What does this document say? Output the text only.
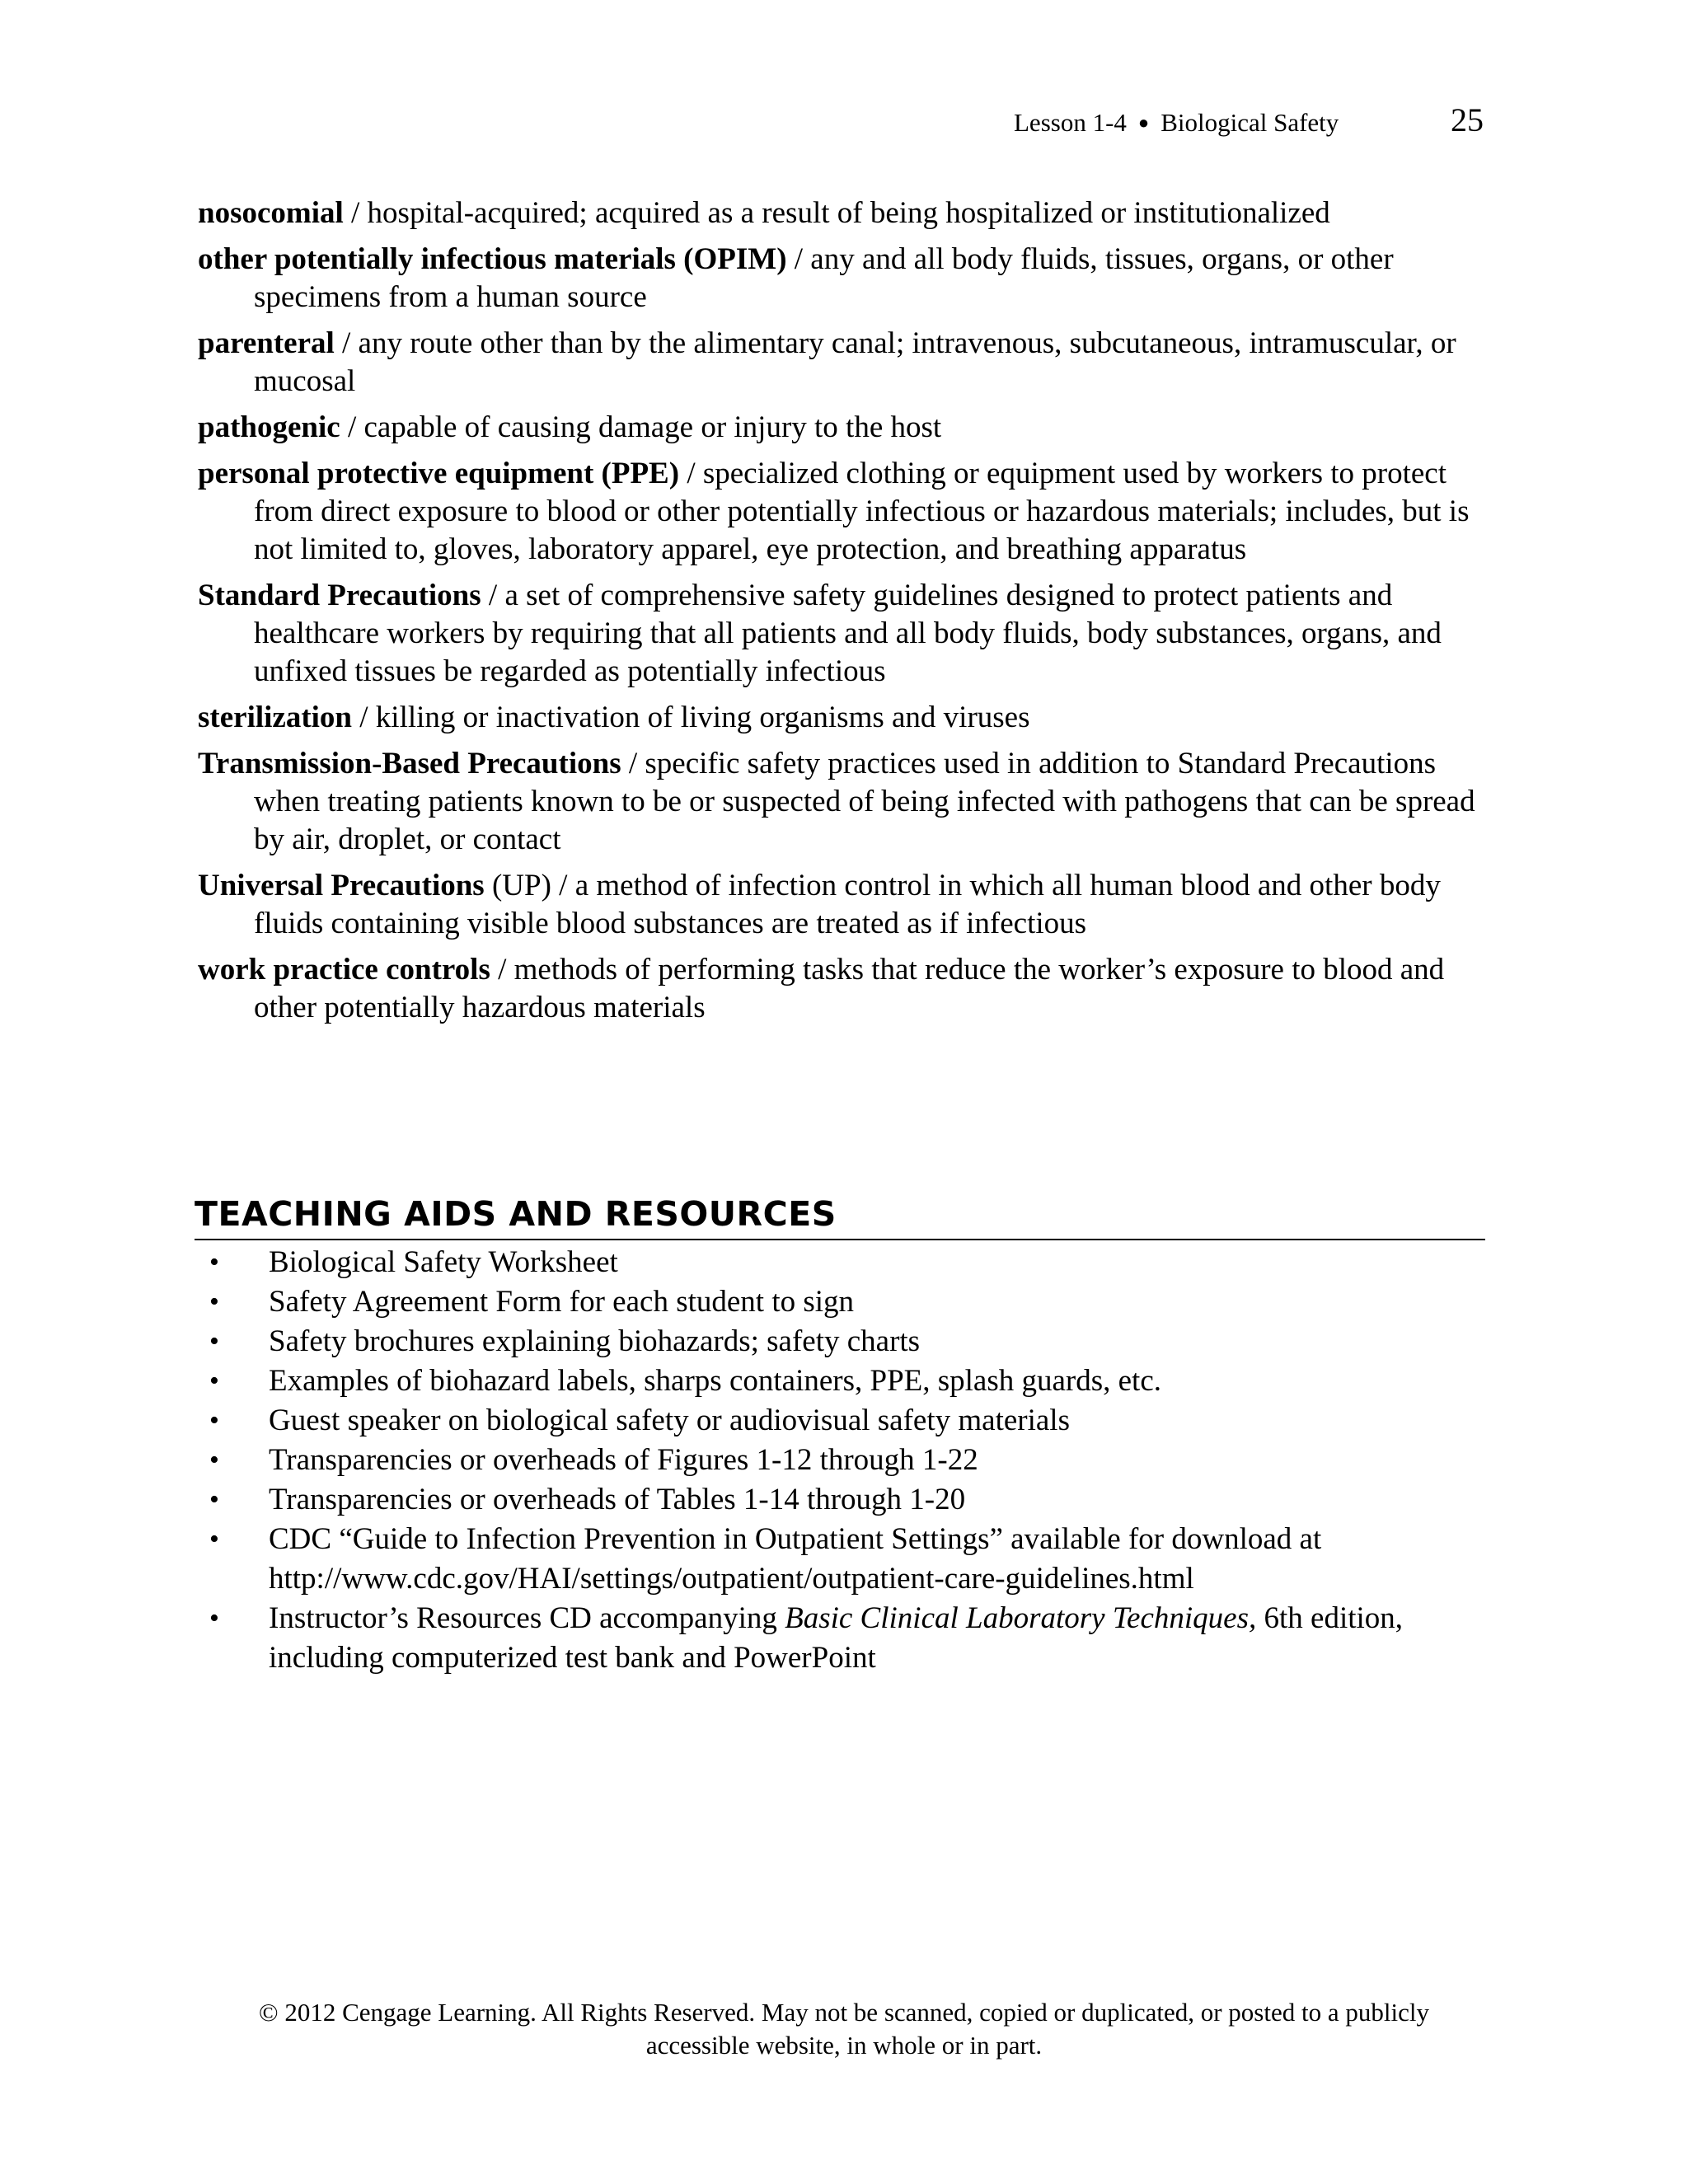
Lesson 1-4 ● Biological Safety	25

nosocomial / hospital-acquired; acquired as a result of being hospitalized or institutionalized

other potentially infectious materials (OPIM) / any and all body fluids, tissues, organs, or other specimens from a human source

parenteral / any route other than by the alimentary canal; intravenous, subcutaneous, intramuscular, or mucosal

pathogenic / capable of causing damage or injury to the host

personal protective equipment (PPE) / specialized clothing or equipment used by workers to protect from direct exposure to blood or other potentially infectious or hazardous materials; includes, but is not limited to, gloves, laboratory apparel, eye protection, and breathing apparatus

Standard Precautions / a set of comprehensive safety guidelines designed to protect patients and healthcare workers by requiring that all patients and all body fluids, body substances, organs, and unfixed tissues be regarded as potentially infectious

sterilization / killing or inactivation of living organisms and viruses

Transmission-Based Precautions / specific safety practices used in addition to Standard Precautions when treating patients known to be or suspected of being infected with pathogens that can be spread by air, droplet, or contact

Universal Precautions (UP) / a method of infection control in which all human blood and other body fluids containing visible blood substances are treated as if infectious

work practice controls / methods of performing tasks that reduce the worker’s exposure to blood and other potentially hazardous materials

TEACHING AIDS AND RESOURCES
• Biological Safety Worksheet
• Safety Agreement Form for each student to sign
• Safety brochures explaining biohazards; safety charts
• Examples of biohazard labels, sharps containers, PPE, splash guards, etc.
• Guest speaker on biological safety or audiovisual safety materials
• Transparencies or overheads of Figures 1-12 through 1-22
• Transparencies or overheads of Tables 1-14 through 1-20
• CDC “Guide to Infection Prevention in Outpatient Settings” available for download at http://www.cdc.gov/HAI/settings/outpatient/outpatient-care-guidelines.html
• Instructor’s Resources CD accompanying Basic Clinical Laboratory Techniques, 6th edition, including computerized test bank and PowerPoint
© 2012 Cengage Learning. All Rights Reserved. May not be scanned, copied or duplicated, or posted to a publicly
accessible website, in whole or in part.
